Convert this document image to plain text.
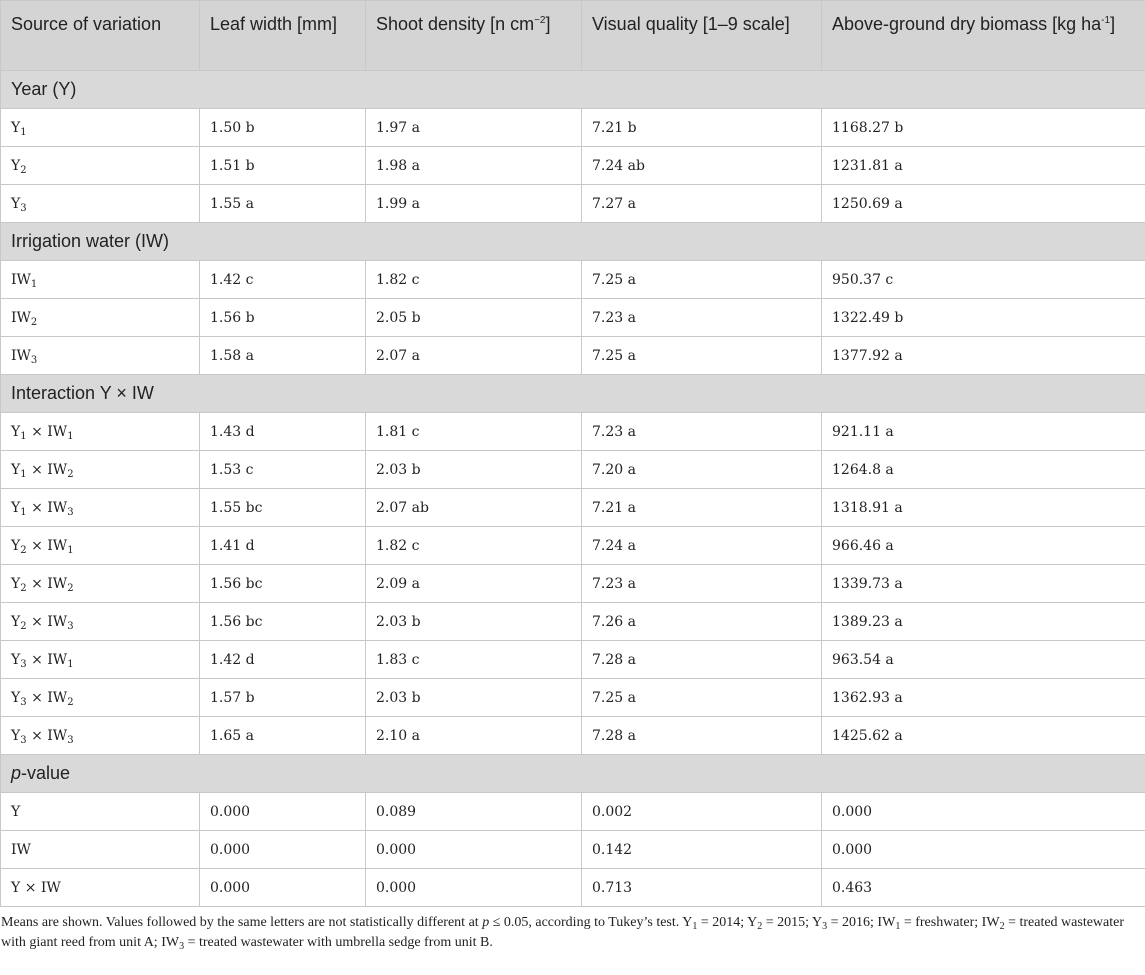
Source of variation	Leaf width [mm]	Shoot density [n $cm^{-2}$]	Visual quality [1–9 scale]	Above-ground dry biomass [kg $ha^{-1}$]
Year (Y)				
$Y_1$	1.50 b	1.97 a	7.21 b	1168.27 b
$Y_2$	1.51 b	1.98 a	7.24 ab	1231.81 a
$Y_3$	1.55 a	1.99 a	7.27 a	1250.69 a
Irrigation water (IW)				
$IW_1$	1.42 c	1.82 c	7.25 a	950.37 c
$IW_2$	1.56 b	2.05 b	7.23 a	1322.49 b
$IW_3$	1.58 a	2.07 a	7.25 a	1377.92 a
Interaction Y × IW				
$Y_1 \times IW_1$	1.43 d	1.81 c	7.23 a	921.11 a
$Y_1 \times IW_2$	1.53 c	2.03 b	7.20 a	1264.8 a
$Y_1 \times IW_3$	1.55 bc	2.07 ab	7.21 a	1318.91 a
$Y_2 \times IW_1$	1.41 d	1.82 c	7.24 a	966.46 a
$Y_2 \times IW_2$	1.56 bc	2.09 a	7.23 a	1339.73 a
$Y_2 \times IW_3$	1.56 bc	2.03 b	7.26 a	1389.23 a
$Y_3 \times IW_1$	1.42 d	1.83 c	7.28 a	963.54 a
$Y_3 \times IW_2$	1.57 b	2.03 b	7.25 a	1362.93 a
$Y_3 \times IW_3$	1.65 a	2.10 a	7.28 a	1425.62 a
p-value				
Y	0.000	0.089	0.002	0.000
IW	0.000	0.000	0.142	0.000
Y × IW	0.000	0.000	0.713	0.463
Means are shown. Values followed by the same letters are not statistically different at p ≤ 0.05, according to Tukey’s test. $Y_1 = 2014$; $Y_2 = 2015$; $Y_3 = 2016$; $IW_1$ = freshwater; $IW_2$ = treated wastewater with giant reed from unit A; $IW_3$ = treated wastewater with umbrella sedge from unit B.
